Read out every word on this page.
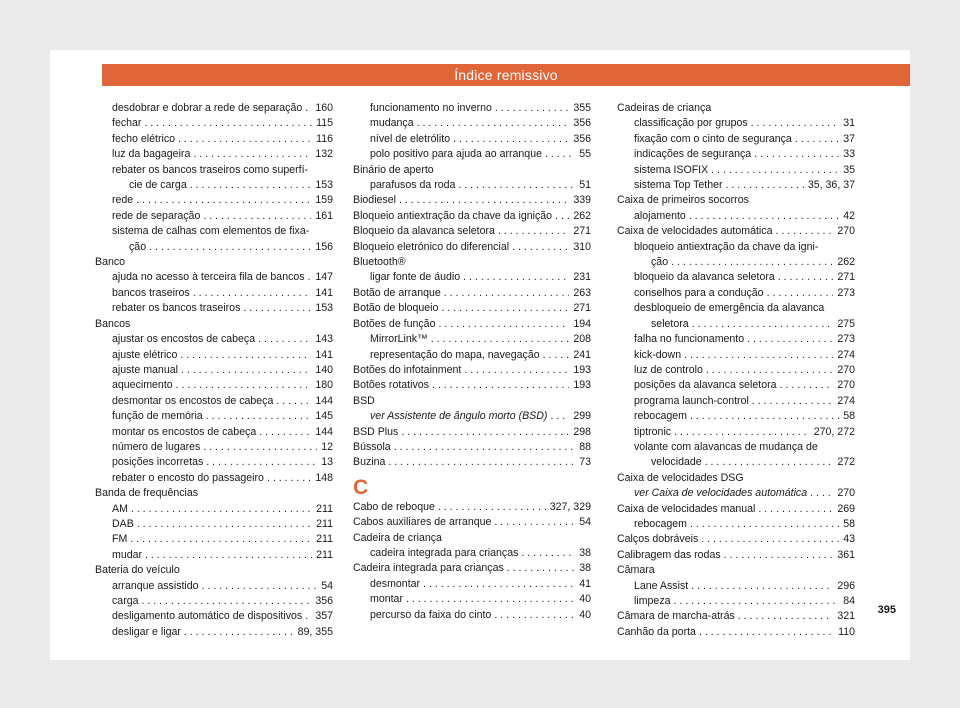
Índice remissivo
desdobrar e dobrar a rede de separação . . . 160
fechar . . .	115
fecho elétrico . . .	116
luz da bagageira . . .	132
rebater os bancos traseiros como superfí-
cie de carga . . .	153
rede . . .	159
rede de separação . . .	161
sistema de calhas com elementos de fixa-
ção . . .	156
Banco
ajuda no acesso à terceira fila de bancos . . . 147
bancos traseiros . . .	141
rebater os bancos traseiros . . .	153
Bancos
ajustar os encostos de cabeça . . .	143
ajuste elétrico . . .	141
ajuste manual . . .	140
aquecimento . . .	180
desmontar os encostos de cabeça . . .	144
função de memória . . .	145
montar os encostos de cabeça . . .	144
número de lugares . . .	12
posições incorretas . . .	13
rebater o encosto do passageiro . . .	148
Banda de frequências
AM . . .	211
DAB . . .	211
FM . . .	211
mudar . . .	211
Bateria do veículo
arranque assistido . . .	54
carga . . .	356
desligamento automático de dispositivos . . . 357
desligar e ligar . . .	89, 355
funcionamento no inverno . . .	355
mudança . . .	356
nível de eletrólito . . .	356
polo positivo para ajuda ao arranque . . .	55
Binário de aperto
parafusos da roda . . .	51
Biodiesel . . .	339
Bloqueio antiextração da chave da ignição . . . 262
Bloqueio da alavanca seletora . . .	271
Bloqueio eletrónico do diferencial . . .	310
Bluetooth®
ligar fonte de áudio . . .	231
Botão de arranque . . .	263
Botão de bloqueio . . .	271
Botões de função . . .	194
MirrorLink™ . . .	208
representação do mapa, navegação . . .	241
Botões do infotainment . . .	193
Botões rotativos . . .	193
BSD
ver Assistente de ângulo morto (BSD) . . . 299
BSD Plus . . .	298
Bússola . . .	88
Buzina . . .	73
C
Cabo de reboque . . .	327, 329
Cabos auxiliares de arranque . . .	54
Cadeira de criança
cadeira integrada para crianças . . .	38
Cadeira integrada para crianças . . .	38
desmontar . . .	41
montar . . .	40
percurso da faixa do cinto . . .	40
Cadeiras de criança
classificação por grupos . . .	31
fixação com o cinto de segurança . . .	37
indicações de segurança . . .	33
sistema ISOFIX . . .	35
sistema Top Tether . . .	35, 36, 37
Caixa de primeiros socorros
alojamento . . .	42
Caixa de velocidades automática . . .	270
bloqueio antiextração da chave da igni-
ção . . .	262
bloqueio da alavanca seletora . . .	271
conselhos para a condução . . .	273
desbloqueio de emergência da alavanca
seletora . . .	275
falha no funcionamento . . .	273
kick-down . . .	274
luz de controlo . . .	270
posições da alavanca seletora . . .	270
programa launch-control . . .	274
rebocagem . . .	58
tiptronic . . .	270, 272
volante com alavancas de mudança de
velocidade . . .	272
Caixa de velocidades DSG
ver Caixa de velocidades automática . . .	270
Caixa de velocidades manual . . .	269
rebocagem . . .	58
Calços dobráveis . . .	43
Calibragem das rodas . . .	361
Câmara
Lane Assist . . .	296
limpeza . . .	84
Câmara de marcha-atrás . . .	321
Canhão da porta . . .	110
395
